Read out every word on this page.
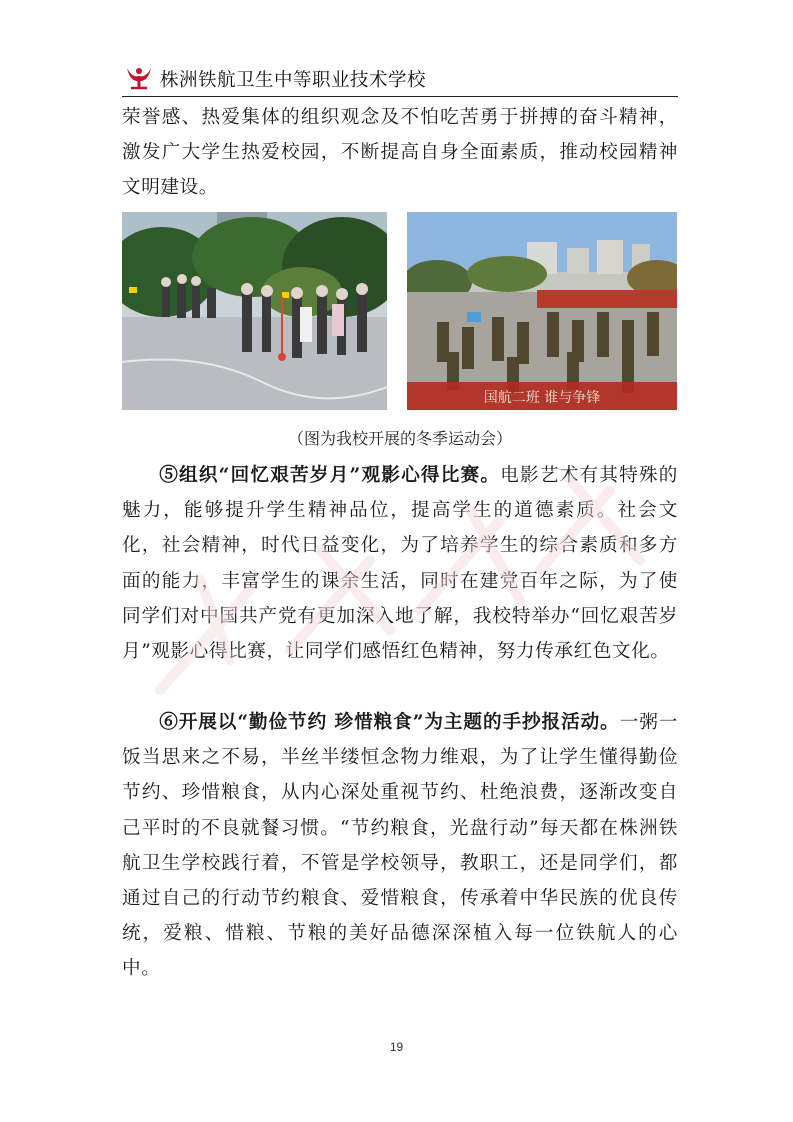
株洲铁航卫生中等职业技术学校

荣誉感、热爱集体的组织观念及不怕吃苦勇于拼搏的奋斗精神，激发广大学生热爱校园，不断提高自身全面素质，推动校园精神文明建设。

国航二班 谁与争锋
（图为我校开展的冬季运动会）

⑤组织“回忆艰苦岁月”观影心得比赛。电影艺术有其特殊的魅力，能够提升学生精神品位，提高学生的道德素质。社会文化，社会精神，时代日益变化，为了培养学生的综合素质和多方面的能力，丰富学生的课余生活，同时在建党百年之际，为了使同学们对中国共产党有更加深入地了解，我校特举办“回忆艰苦岁月”观影心得比赛，让同学们感悟红色精神，努力传承红色文化。

⑥开展以“勤俭节约 珍惜粮食”为主题的手抄报活动。一粥一饭当思来之不易，半丝半缕恒念物力维艰，为了让学生懂得勤俭节约、珍惜粮食，从内心深处重视节约、杜绝浪费，逐渐改变自己平时的不良就餐习惯。“节约粮食，光盘行动”每天都在株洲铁航卫生学校践行着，不管是学校领导，教职工，还是同学们，都通过自己的行动节约粮食、爱惜粮食，传承着中华民族的优良传统，爱粮、惜粮、节粮的美好品德深深植入每一位铁航人的心中。

19
